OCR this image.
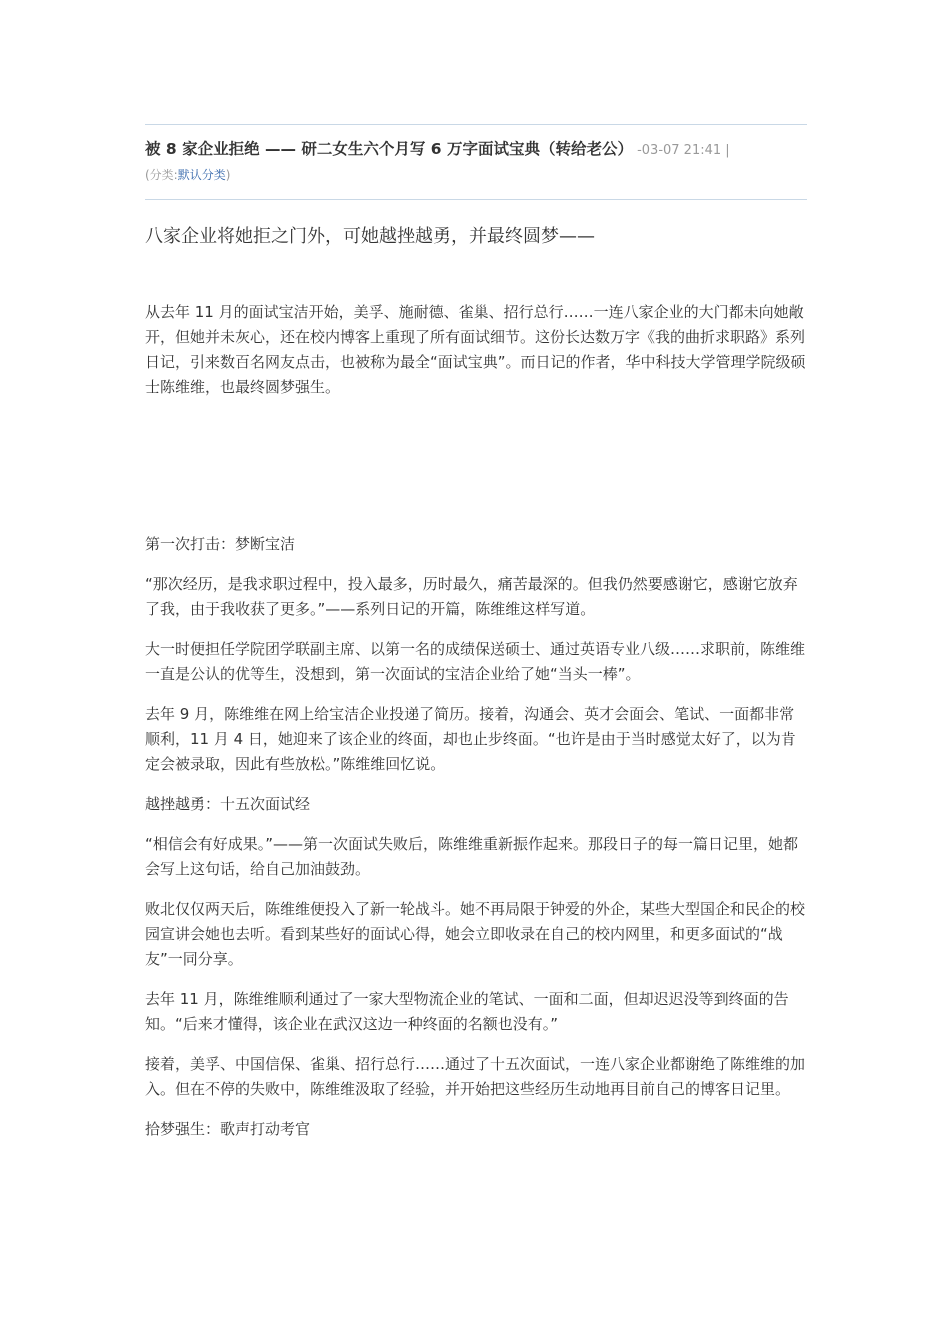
被 8 家企业拒绝 —— 研二女生六个月写 6 万字面试宝典（转给老公） -03-07 21:41 |
(分类:默认分类)

八家企业将她拒之门外，可她越挫越勇，并最终圆梦——

从去年 11 月的面试宝洁开始，美孚、施耐德、雀巢、招行总行……一连八家企业的大门都未向她敞开，但她并未灰心，还在校内博客上重现了所有面试细节。这份长达数万字《我的曲折求职路》系列日记，引来数百名网友点击，也被称为最全“面试宝典”。而日记的作者，华中科技大学管理学院级硕士陈维维，也最终圆梦强生。

第一次打击：梦断宝洁

“那次经历，是我求职过程中，投入最多，历时最久，痛苦最深的。但我仍然要感谢它，感谢它放弃了我，由于我收获了更多。”——系列日记的开篇，陈维维这样写道。

大一时便担任学院团学联副主席、以第一名的成绩保送硕士、通过英语专业八级……求职前，陈维维一直是公认的优等生，没想到，第一次面试的宝洁企业给了她“当头一棒”。

去年 9 月，陈维维在网上给宝洁企业投递了简历。接着，沟通会、英才会面会、笔试、一面都非常顺利，11 月 4 日，她迎来了该企业的终面，却也止步终面。“也许是由于当时感觉太好了，以为肯定会被录取，因此有些放松。”陈维维回忆说。

越挫越勇：十五次面试经

“相信会有好成果。”——第一次面试失败后，陈维维重新振作起来。那段日子的每一篇日记里，她都会写上这句话，给自己加油鼓劲。

败北仅仅两天后，陈维维便投入了新一轮战斗。她不再局限于钟爱的外企，某些大型国企和民企的校园宣讲会她也去听。看到某些好的面试心得，她会立即收录在自己的校内网里，和更多面试的“战友”一同分享。

去年 11 月，陈维维顺利通过了一家大型物流企业的笔试、一面和二面，但却迟迟没等到终面的告知。“后来才懂得，该企业在武汉这边一种终面的名额也没有。”

接着，美孚、中国信保、雀巢、招行总行……通过了十五次面试，一连八家企业都谢绝了陈维维的加入。但在不停的失败中，陈维维汲取了经验，并开始把这些经历生动地再目前自己的博客日记里。

拾梦强生：歌声打动考官
